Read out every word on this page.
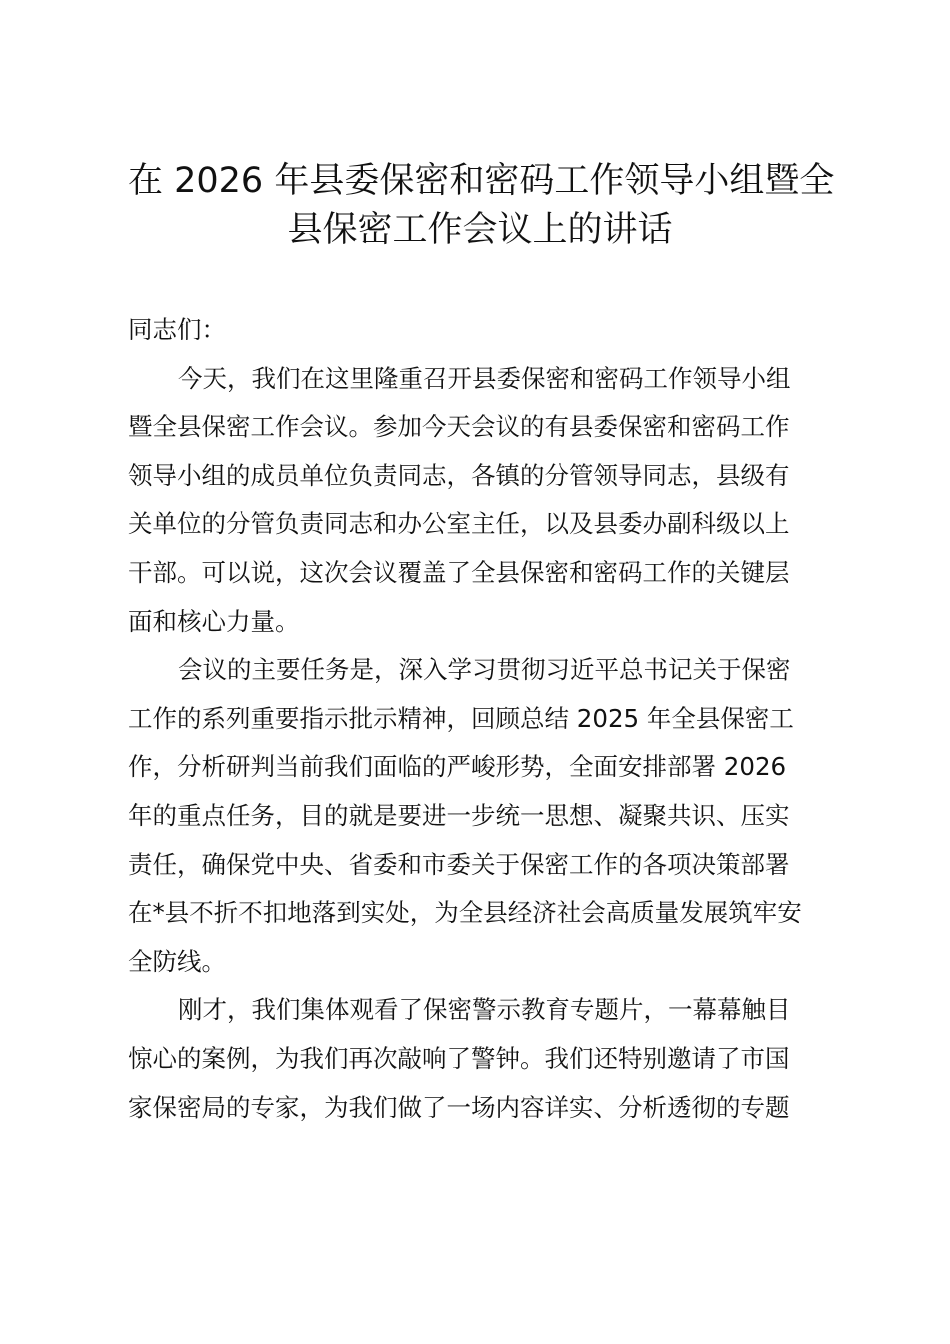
在 2026 年县委保密和密码工作领导小组暨全
县保密工作会议上的讲话
同志们：
今天，我们在这里隆重召开县委保密和密码工作领导小组
暨全县保密工作会议。参加今天会议的有县委保密和密码工作
领导小组的成员单位负责同志，各镇的分管领导同志，县级有
关单位的分管负责同志和办公室主任，以及县委办副科级以上
干部。可以说，这次会议覆盖了全县保密和密码工作的关键层
面和核心力量。
会议的主要任务是，深入学习贯彻习近平总书记关于保密
工作的系列重要指示批示精神，回顾总结 2025 年全县保密工
作，分析研判当前我们面临的严峻形势，全面安排部署 2026
年的重点任务，目的就是要进一步统一思想、凝聚共识、压实
责任，确保党中央、省委和市委关于保密工作的各项决策部署
在*县不折不扣地落到实处，为全县经济社会高质量发展筑牢安
全防线。
刚才，我们集体观看了保密警示教育专题片，一幕幕触目
惊心的案例，为我们再次敲响了警钟。我们还特别邀请了市国
家保密局的专家，为我们做了一场内容详实、分析透彻的专题
